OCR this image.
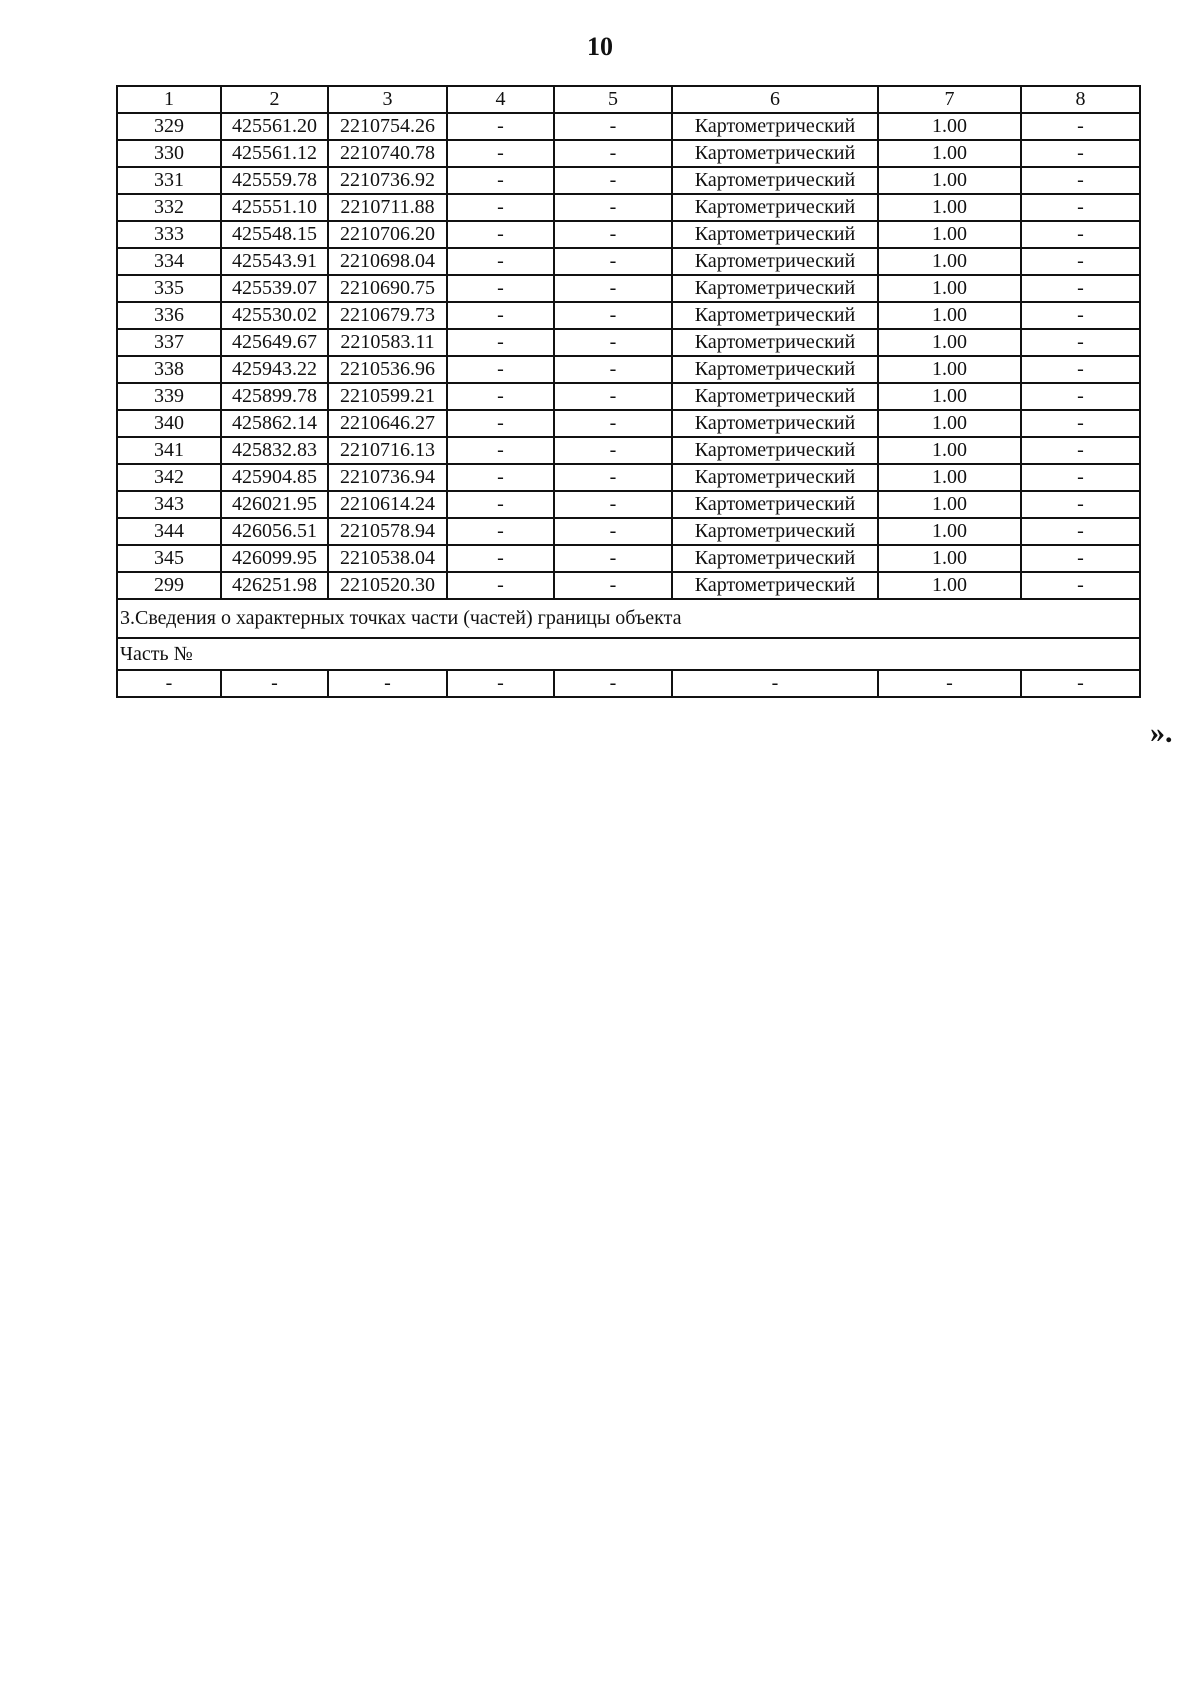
10
1	2	3	4	5	6	7	8
329	425561.20	2210754.26	-	-	Картометрический	1.00	-
330	425561.12	2210740.78	-	-	Картометрический	1.00	-
331	425559.78	2210736.92	-	-	Картометрический	1.00	-
332	425551.10	2210711.88	-	-	Картометрический	1.00	-
333	425548.15	2210706.20	-	-	Картометрический	1.00	-
334	425543.91	2210698.04	-	-	Картометрический	1.00	-
335	425539.07	2210690.75	-	-	Картометрический	1.00	-
336	425530.02	2210679.73	-	-	Картометрический	1.00	-
337	425649.67	2210583.11	-	-	Картометрический	1.00	-
338	425943.22	2210536.96	-	-	Картометрический	1.00	-
339	425899.78	2210599.21	-	-	Картометрический	1.00	-
340	425862.14	2210646.27	-	-	Картометрический	1.00	-
341	425832.83	2210716.13	-	-	Картометрический	1.00	-
342	425904.85	2210736.94	-	-	Картометрический	1.00	-
343	426021.95	2210614.24	-	-	Картометрический	1.00	-
344	426056.51	2210578.94	-	-	Картометрический	1.00	-
345	426099.95	2210538.04	-	-	Картометрический	1.00	-
299	426251.98	2210520.30	-	-	Картометрический	1.00	-
3.Сведения о характерных точках части (частей) границы объекта							
Часть №							
-	-	-	-	-	-	-	-
».
